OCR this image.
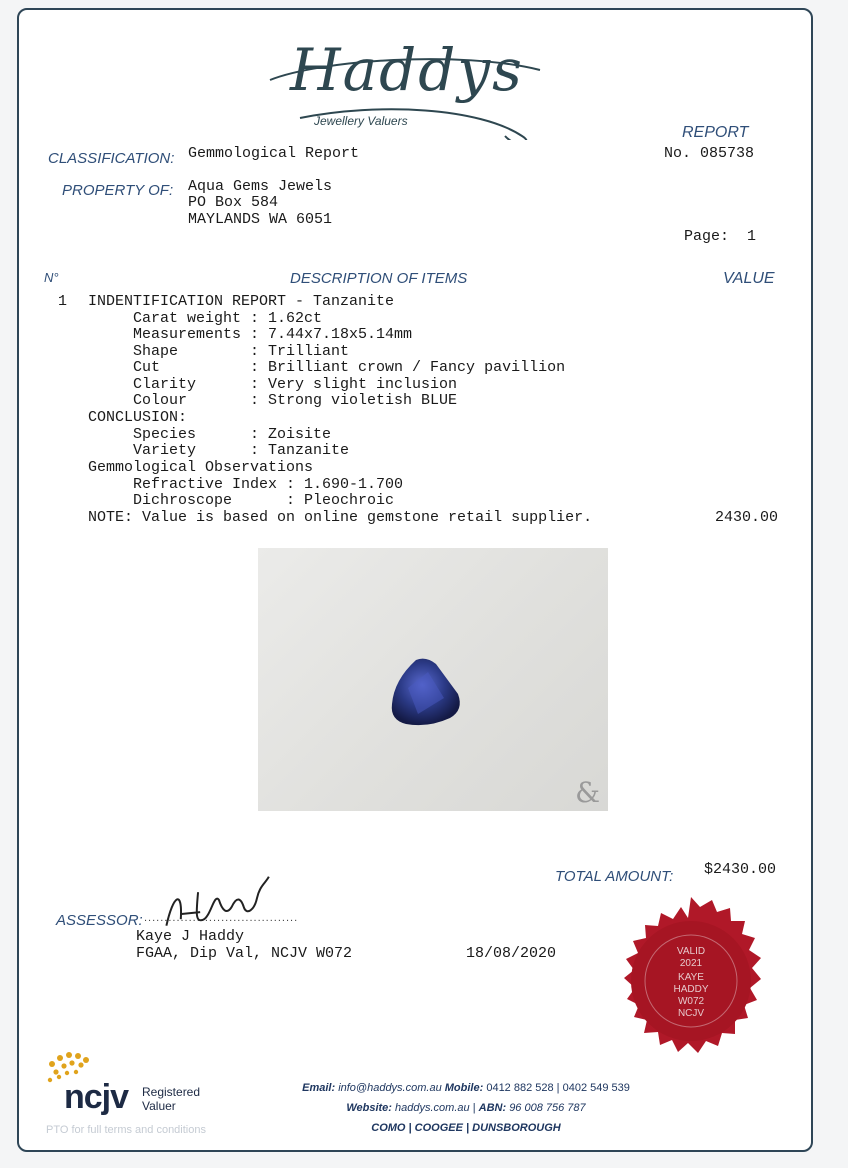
Haddys
Jewellery Valuers
REPORT
No. 085738
CLASSIFICATION: Gemmological Report
PROPERTY OF: Aqua Gems Jewels
PO Box 584
MAYLANDS WA 6051
Page:  1
N°	DESCRIPTION OF ITEMS	VALUE
1 INDENTIFICATION REPORT - Tanzanite
Carat weight : 1.62ct
Measurements : 7.44x7.18x5.14mm
Shape        : Trilliant
Cut          : Brilliant crown / Fancy pavillion
Clarity      : Very slight inclusion
Colour       : Strong violetish BLUE
CONCLUSION:
Species      : Zoisite
Variety      : Tanzanite
Gemmological Observations
Refractive Index : 1.690-1.700
Dichroscope      : Pleochroic
NOTE: Value is based on online gemstone retail supplier.	2430.00
&
TOTAL AMOUNT: $2430.00
ASSESSOR: ......................................
Kaye J Haddy
FGAA, Dip Val, NCJV W072	18/08/2020	VALID
2021
KAYE
HADDY
W072
NCJV
ncjv Registered
Valuer
PTO for full terms and conditions
Email: info@haddys.com.au Mobile: 0412 882 528 | 0402 549 539
Website: haddys.com.au | ABN: 96 008 756 787
COMO | COOGEE | DUNSBOROUGH
